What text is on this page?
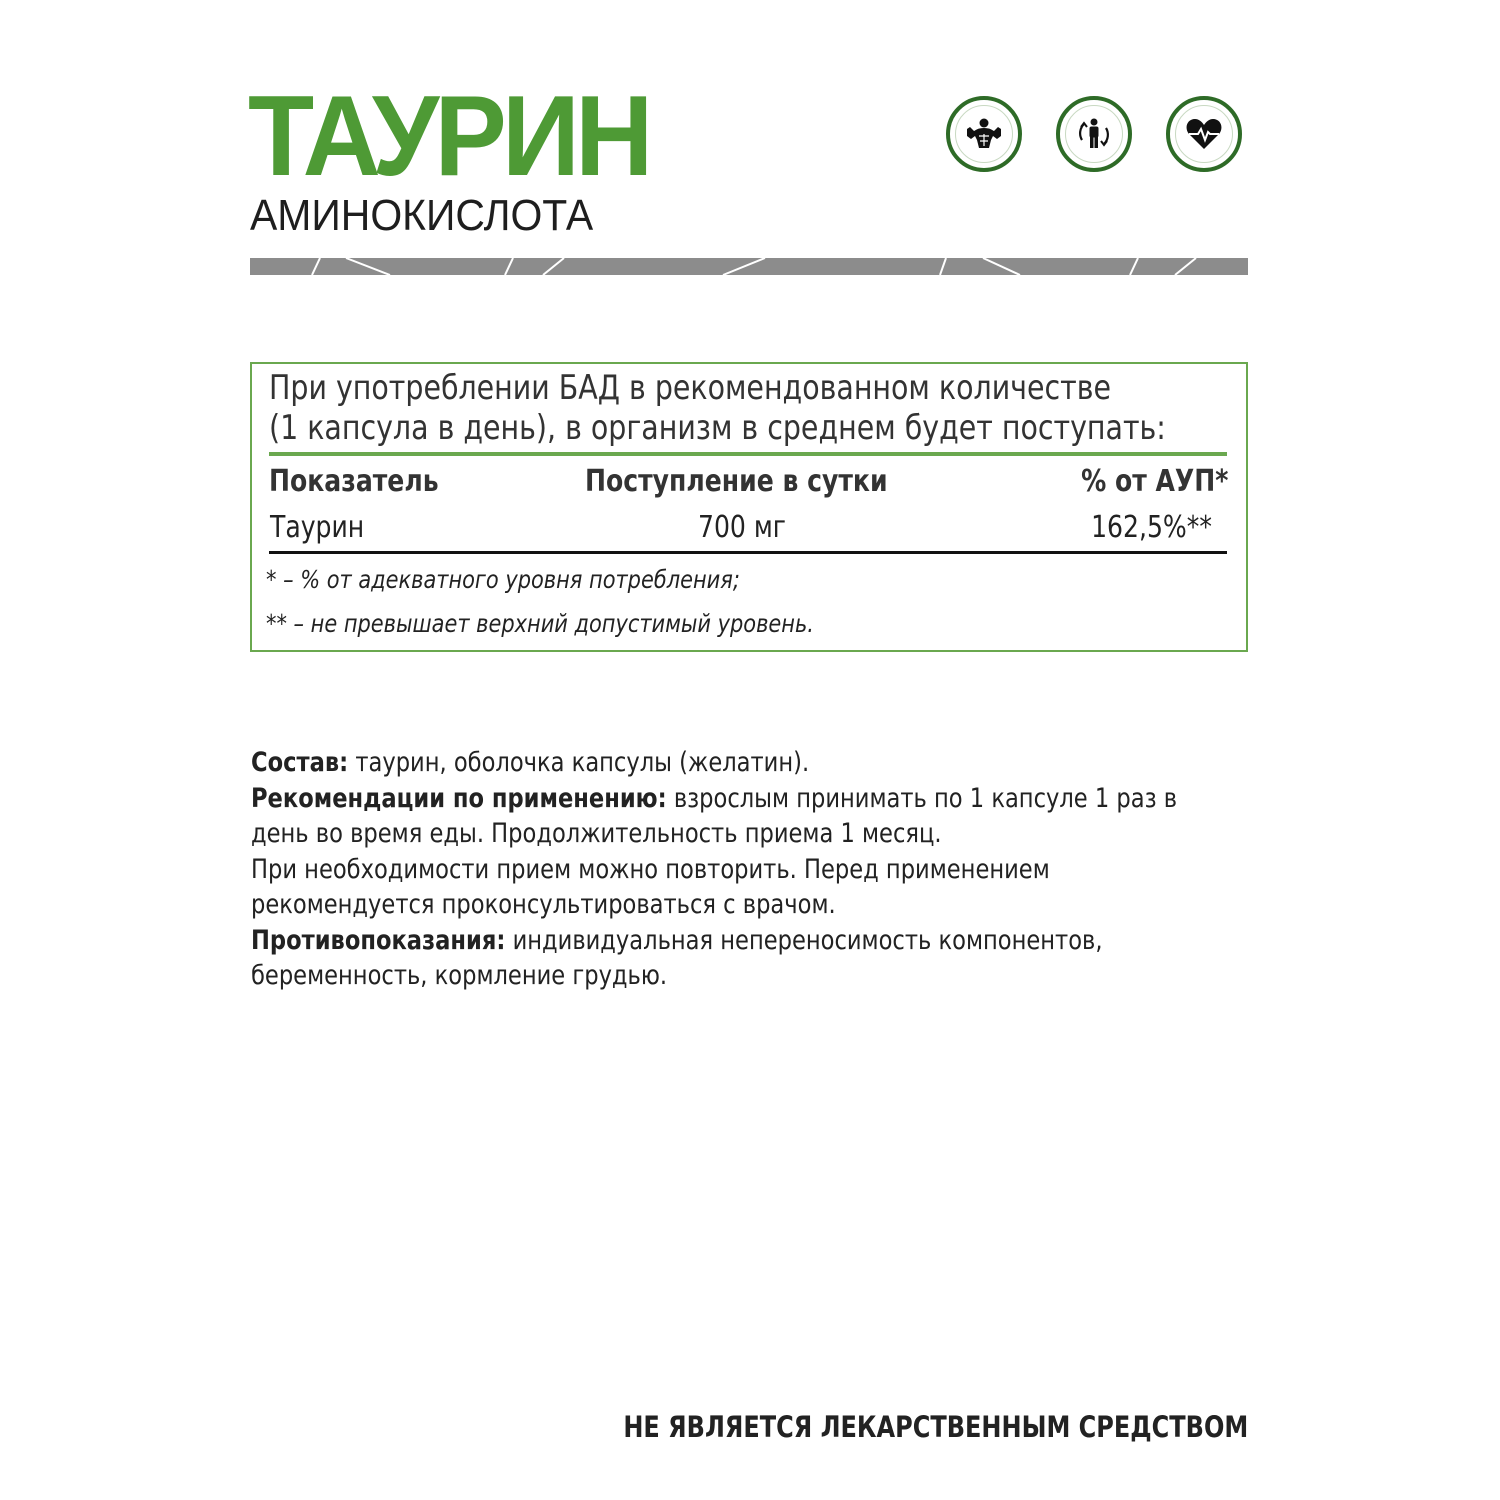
ТАУРИН
АМИНОКИСЛОТА
При употреблении БАД в рекомендованном количестве
(1 капсула в день), в организм в среднем будет поступать:
Показатель	Поступление в сутки	% от АУП*
Таурин	700 мг	162,5%**
* – % от адекватного уровня потребления;
** – не превышает верхний допустимый уровень.

Состав: таурин, оболочка капсулы (желатин).

Рекомендации по применению: взрослым принимать по 1 капсуле 1 раз в

день во время еды. Продолжительность приема 1 месяц.

При необходимости прием можно повторить. Перед применением

рекомендуется проконсультироваться с врачом.

Противопоказания: индивидуальная непереносимость компонентов,

беременность, кормление грудью.

НЕ ЯВЛЯЕТСЯ ЛЕКАРСТВЕННЫМ СРЕДСТВОМ
